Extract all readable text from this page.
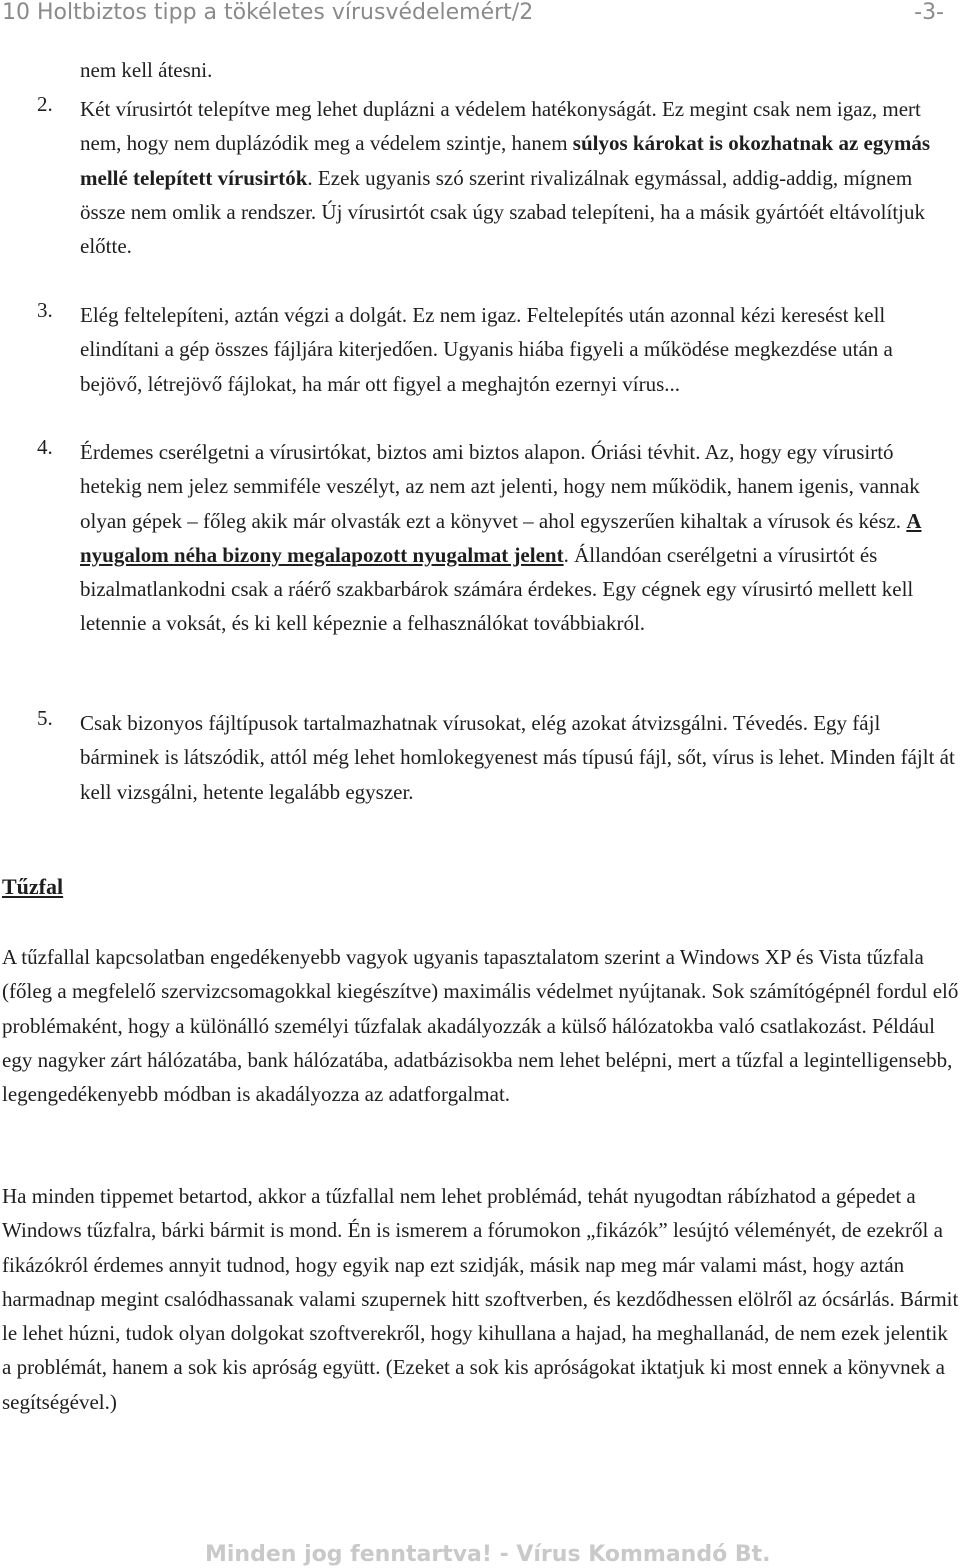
10 Holtbiztos tipp a tökéletes vírusvédelemért/2	-3-
nem kell átesni.
2. Két vírusirtót telepítve meg lehet duplázni a védelem hatékonyságát. Ez megint csak nem igaz, mert nem, hogy nem duplázódik meg a védelem szintje, hanem súlyos károkat is okozhatnak az egymás mellé telepített vírusirtók. Ezek ugyanis szó szerint rivalizálnak egymással, addig-addig, mígnem össze nem omlik a rendszer. Új vírusirtót csak úgy szabad telepíteni, ha a másik gyártóét eltávolítjuk előtte.
3. Elég feltelepíteni, aztán végzi a dolgát. Ez nem igaz. Feltelepítés után azonnal kézi keresést kell elindítani a gép összes fájljára kiterjedően. Ugyanis hiába figyeli a működése megkezdése után a bejövő, létrejövő fájlokat, ha már ott figyel a meghajtón ezernyi vírus...
4. Érdemes cserélgetni a vírusirtókat, biztos ami biztos alapon. Óriási tévhit. Az, hogy egy vírusirtó hetekig nem jelez semmiféle veszélyt, az nem azt jelenti, hogy nem működik, hanem igenis, vannak olyan gépek – főleg akik már olvasták ezt a könyvet – ahol egyszerűen kihaltak a vírusok és kész. A nyugalom néha bizony megalapozott nyugalmat jelent. Állandóan cserélgetni a vírusirtót és bizalmatlankodni csak a ráérő szakbarbárok számára érdekes. Egy cégnek egy vírusirtó mellett kell letennie a voksát, és ki kell képeznie a felhasználókat továbbiakról.
5. Csak bizonyos fájltípusok tartalmazhatnak vírusokat, elég azokat átvizsgálni. Tévedés. Egy fájl bárminek is látszódik, attól még lehet homlokegyenest más típusú fájl, sőt, vírus is lehet. Minden fájlt át kell vizsgálni, hetente legalább egyszer.
Tűzfal
A tűzfallal kapcsolatban engedékenyebb vagyok ugyanis tapasztalatom szerint a Windows XP és Vista tűzfala (főleg a megfelelő szervizcsomagokkal kiegészítve) maximális védelmet nyújtanak. Sok számítógépnél fordul elő problémaként, hogy a különálló személyi tűzfalak akadályozzák a külső hálózatokba való csatlakozást. Például egy nagyker zárt hálózatába, bank hálózatába, adatbázisokba nem lehet belépni, mert a tűzfal a legintelligensebb, legengedékenyebb módban is akadályozza az adatforgalmat.
Ha minden tippemet betartod, akkor a tűzfallal nem lehet problémád, tehát nyugodtan rábízhatod a gépedet a Windows tűzfalra, bárki bármit is mond. Én is ismerem a fórumokon „fikázók” lesújtó véleményét, de ezekről a fikázókról érdemes annyit tudnod, hogy egyik nap ezt szidják, másik nap meg már valami mást, hogy aztán harmadnap megint csalódhassanak valami szupernek hitt szoftverben, és kezdődhessen elölről az ócsárlás. Bármit le lehet húzni, tudok olyan dolgokat szoftverekről, hogy kihullana a hajad, ha meghallanád, de nem ezek jelentik a problémát, hanem a sok kis apróság együtt. (Ezeket a sok kis apróságokat iktatjuk ki most ennek a könyvnek a segítségével.)
Minden jog fenntartva! - Vírus Kommandó Bt.
